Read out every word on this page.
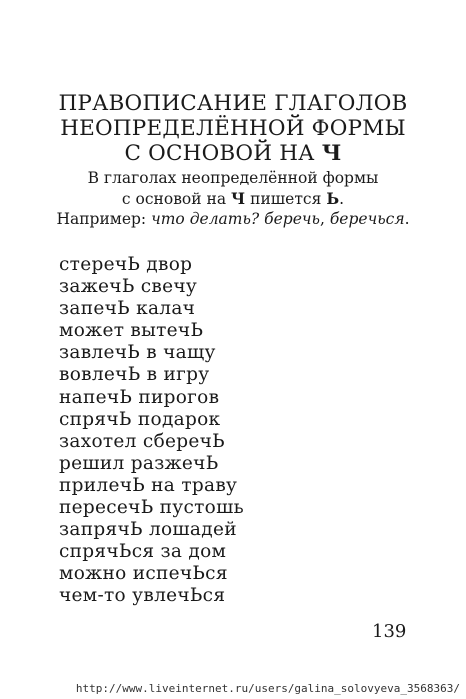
ПРАВОПИСАНИЕ ГЛАГОЛОВ
НЕОПРЕДЕЛЁННОЙ ФОРМЫ
С ОСНОВОЙ НА Ч
В глаголах неопределённой формы
с основой на Ч пишется Ь.
Например: что делать? беречь, беречься.
стеречЬ двор
зажечЬ свечу
запечЬ калач
может вытечЬ
завлечЬ в чащу
вовлечЬ в игру
напечЬ пирогов
спрячЬ подарок
захотел сберечЬ
решил разжечЬ
прилечЬ на траву
пересечЬ пустошь
запрячЬ лошадей
спрячЬся за дом
можно испечЬся
чем-то увлечЬся
139
http://www.liveinternet.ru/users/galina_solovyeva_3568363/
